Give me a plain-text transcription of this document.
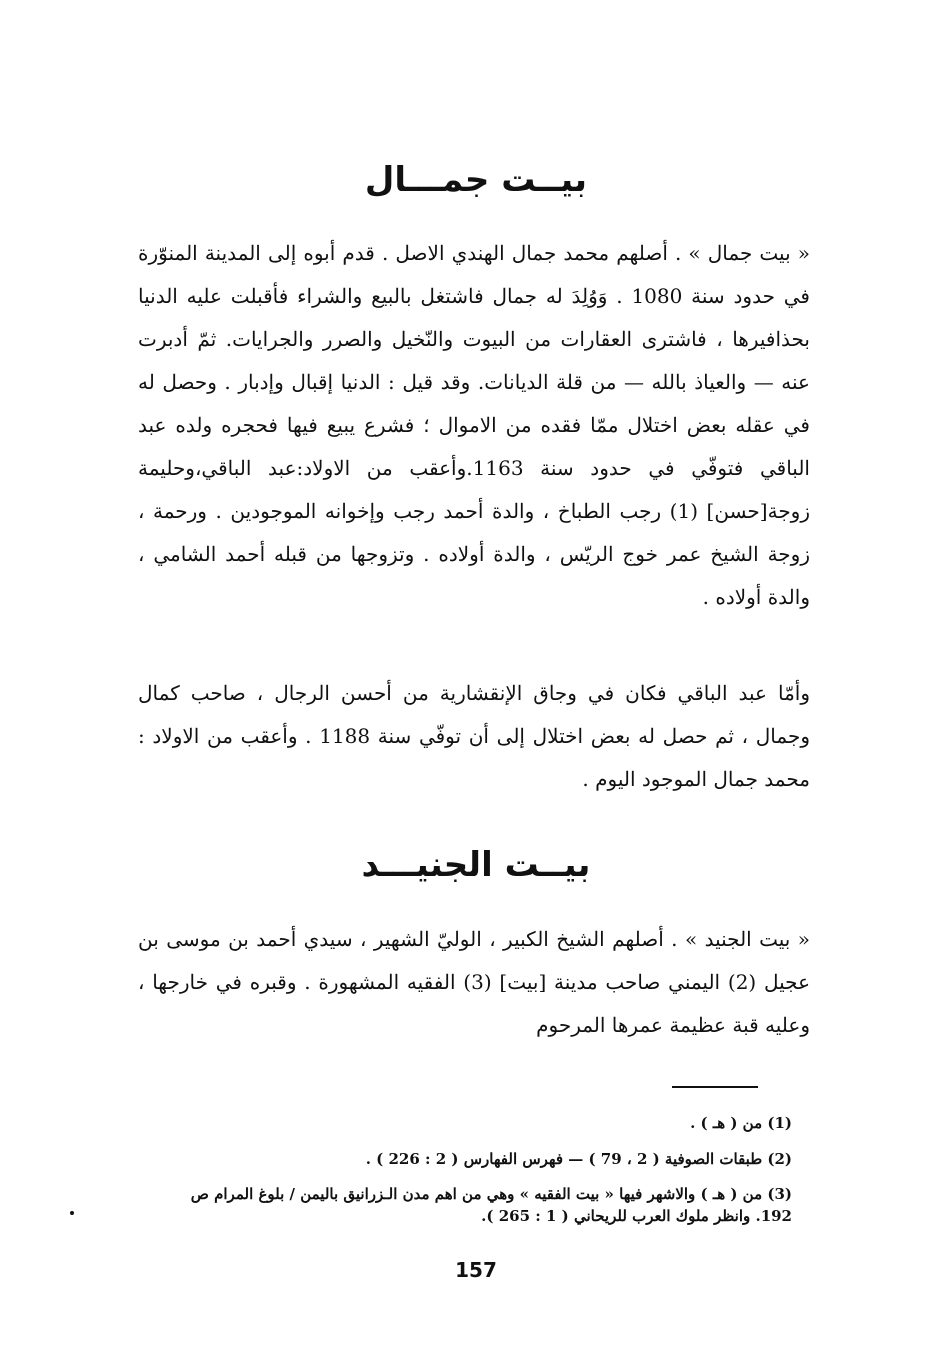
بيــت جمـــال
« بيت جمال » . أصلهم محمد جمال الهندي الاصل . قدم أبوه إلى المدينة المنوّرة في حدود سنة 1080 . وَوُلِدَ له جمال فاشتغل بالبيع والشراء فأقبلت عليه الدنيا بحذافيرها ، فاشترى العقارات من البيوت والنّخيل والصرر والجرايات. ثمّ أدبرت عنه — والعياذ بالله — من قلة الديانات. وقد قيل : الدنيا إقبال وإدبار . وحصل له في عقله بعض اختلال ممّا فقده من الاموال ؛ فشرع يبيع فيها فحجره ولده عبد الباقي فتوفّي في حدود سنة 1163.وأعقب من الاولاد:عبد الباقي،وحليمة زوجة[حسن] (1) رجب الطباخ ، والدة أحمد رجب وإخوانه الموجودين . ورحمة ، زوجة الشيخ عمر خوج الريّس ، والدة أولاده . وتزوجها من قبله أحمد الشامي ، والدة أولاده .
وأمّا عبد الباقي فكان في وجاق الإنقشارية من أحسن الرجال ، صاحب كمال وجمال ، ثم حصل له بعض اختلال إلى أن توفّي سنة 1188 . وأعقب من الاولاد : محمد جمال الموجود اليوم .
بيــت الجنيـــد
« بيت الجنيد » . أصلهم الشيخ الكبير ، الوليّ الشهير ، سيدي أحمد بن موسى بن عجيل (2) اليمني صاحب مدينة [بيت] (3) الفقيه المشهورة . وقبره في خارجها ، وعليه قبة عظيمة عمرها المرحوم
(1) من ( هـ ) .
(2) طبقات الصوفية ( 2 ، 79 ) — فهرس الفهارس ( 2 : 226 ) .
(3) من ( هـ ) والاشهر فيها « بيت الفقيه » وهي من اهم مدن الـزرانيق باليمن / بلوغ المرام ص 192. وانظر ملوك العرب للريحاني ( 1 : 265 ).
157
